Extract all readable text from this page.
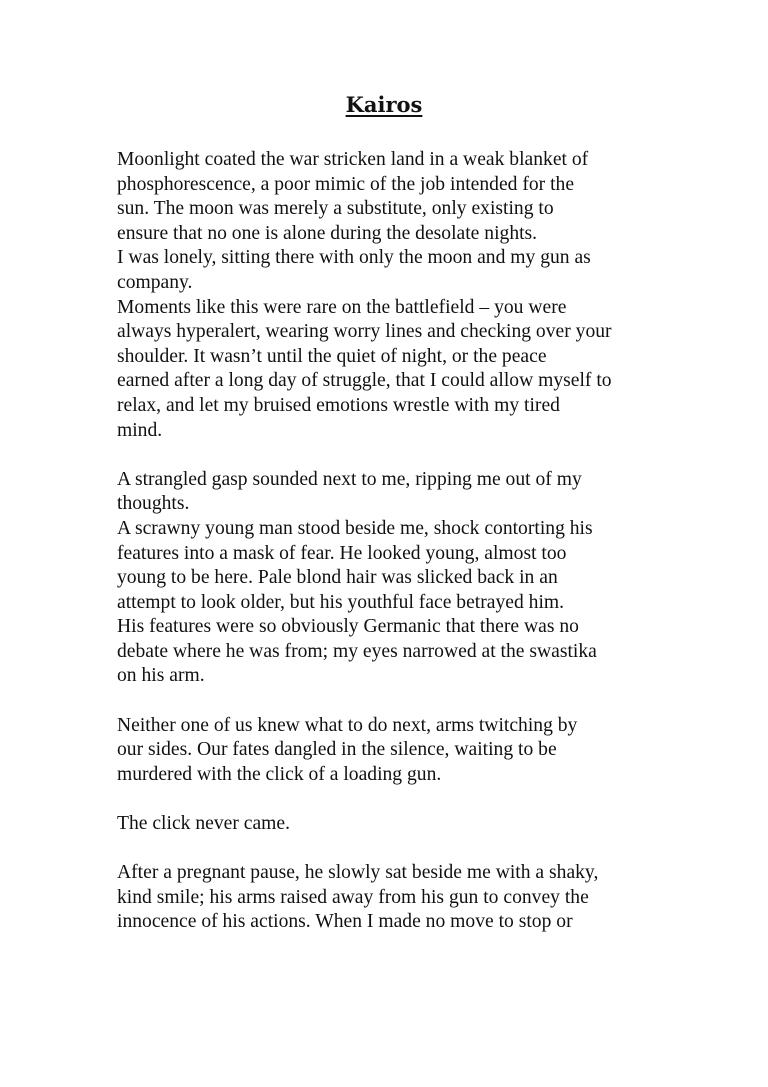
Kairos
Moonlight coated the war stricken land in a weak blanket of
phosphorescence, a poor mimic of the job intended for the
sun. The moon was merely a substitute, only existing to
ensure that no one is alone during the desolate nights.
I was lonely, sitting there with only the moon and my gun as
company.
Moments like this were rare on the battlefield – you were
always hyperalert, wearing worry lines and checking over your
shoulder. It wasn’t until the quiet of night, or the peace
earned after a long day of struggle, that I could allow myself to
relax, and let my bruised emotions wrestle with my tired
mind.
A strangled gasp sounded next to me, ripping me out of my
thoughts.
A scrawny young man stood beside me, shock contorting his
features into a mask of fear. He looked young, almost too
young to be here. Pale blond hair was slicked back in an
attempt to look older, but his youthful face betrayed him.
His features were so obviously Germanic that there was no
debate where he was from; my eyes narrowed at the swastika
on his arm.
Neither one of us knew what to do next, arms twitching by
our sides. Our fates dangled in the silence, waiting to be
murdered with the click of a loading gun.
The click never came.
After a pregnant pause, he slowly sat beside me with a shaky,
kind smile; his arms raised away from his gun to convey the
innocence of his actions. When I made no move to stop or
